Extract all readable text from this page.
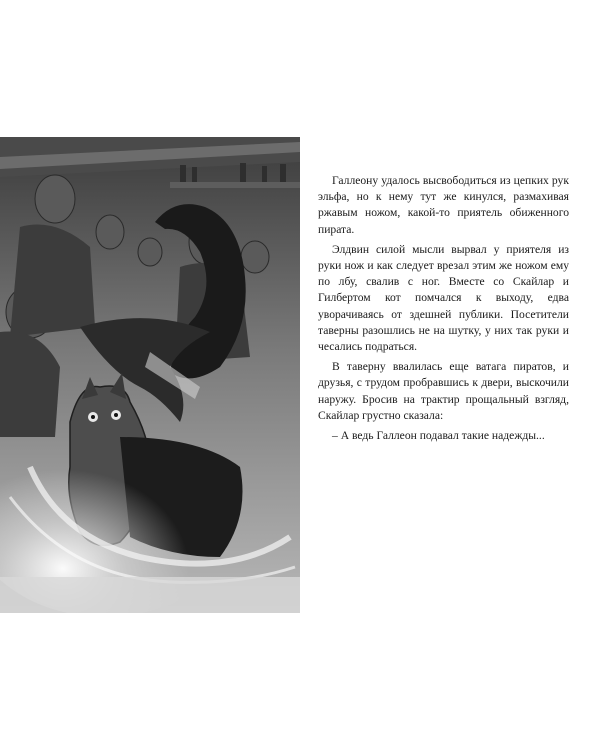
Галлеону удалось высвободиться из цепких рук эльфа, но к нему тут же кинулся, размахивая ржавым ножом, какой-то приятель обиженного пирата.

Элдвин силой мысли вырвал у приятеля из руки нож и как следует врезал этим же ножом ему по лбу, свалив с ног. Вместе со Скайлар и Гилбертом кот помчался к выходу, едва уворачиваясь от здешней публики. Посетители таверны разошлись не на шутку, у них так руки и чесались подраться.

В таверну ввалилась еще ватага пиратов, и друзья, с трудом пробравшись к двери, выскочили наружу. Бросив на трактир прощальный взгляд, Скайлар грустно сказала:

– А ведь Галлеон подавал такие надежды...
